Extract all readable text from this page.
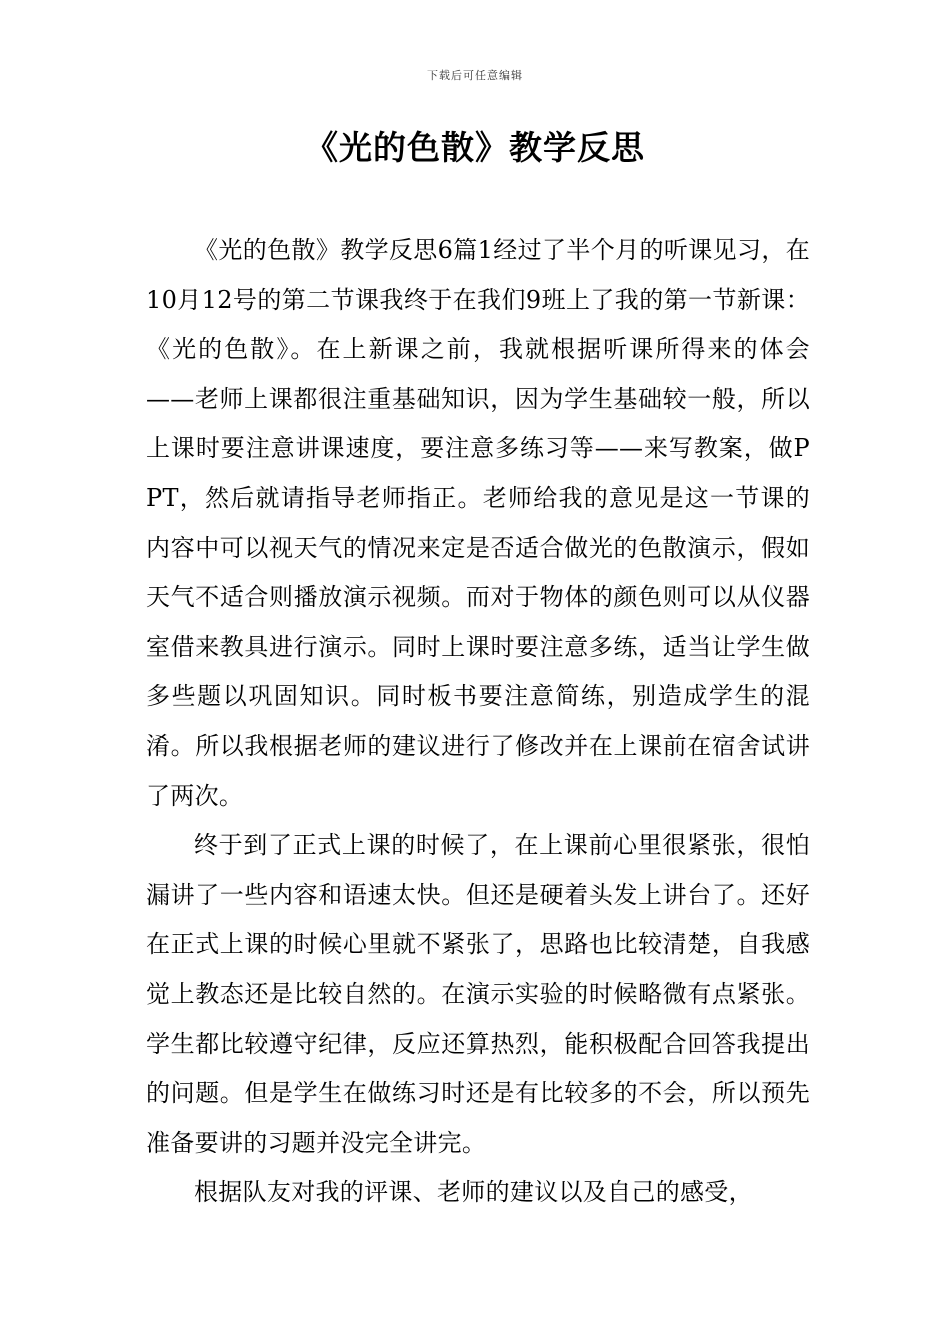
下载后可任意编辑
《光的色散》教学反思

《光的色散》教学反思6篇1经过了半个月的听课见习，在10月12号的第二节课我终于在我们9班上了我的第一节新课：《光的色散》。在上新课之前，我就根据听课所得来的体会——老师上课都很注重基础知识，因为学生基础较一般，所以上课时要注意讲课速度，要注意多练习等——来写教案，做PPT，然后就请指导老师指正。老师给我的意见是这一节课的内容中可以视天气的情况来定是否适合做光的色散演示，假如天气不适合则播放演示视频。而对于物体的颜色则可以从仪器室借来教具进行演示。同时上课时要注意多练，适当让学生做多些题以巩固知识。同时板书要注意简练，别造成学生的混淆。所以我根据老师的建议进行了修改并在上课前在宿舍试讲了两次。

终于到了正式上课的时候了，在上课前心里很紧张，很怕漏讲了一些内容和语速太快。但还是硬着头发上讲台了。还好在正式上课的时候心里就不紧张了，思路也比较清楚，自我感觉上教态还是比较自然的。在演示实验的时候略微有点紧张。学生都比较遵守纪律，反应还算热烈，能积极配合回答我提出的问题。但是学生在做练习时还是有比较多的不会，所以预先准备要讲的习题并没完全讲完。

根据队友对我的评课、老师的建议以及自己的感受，
